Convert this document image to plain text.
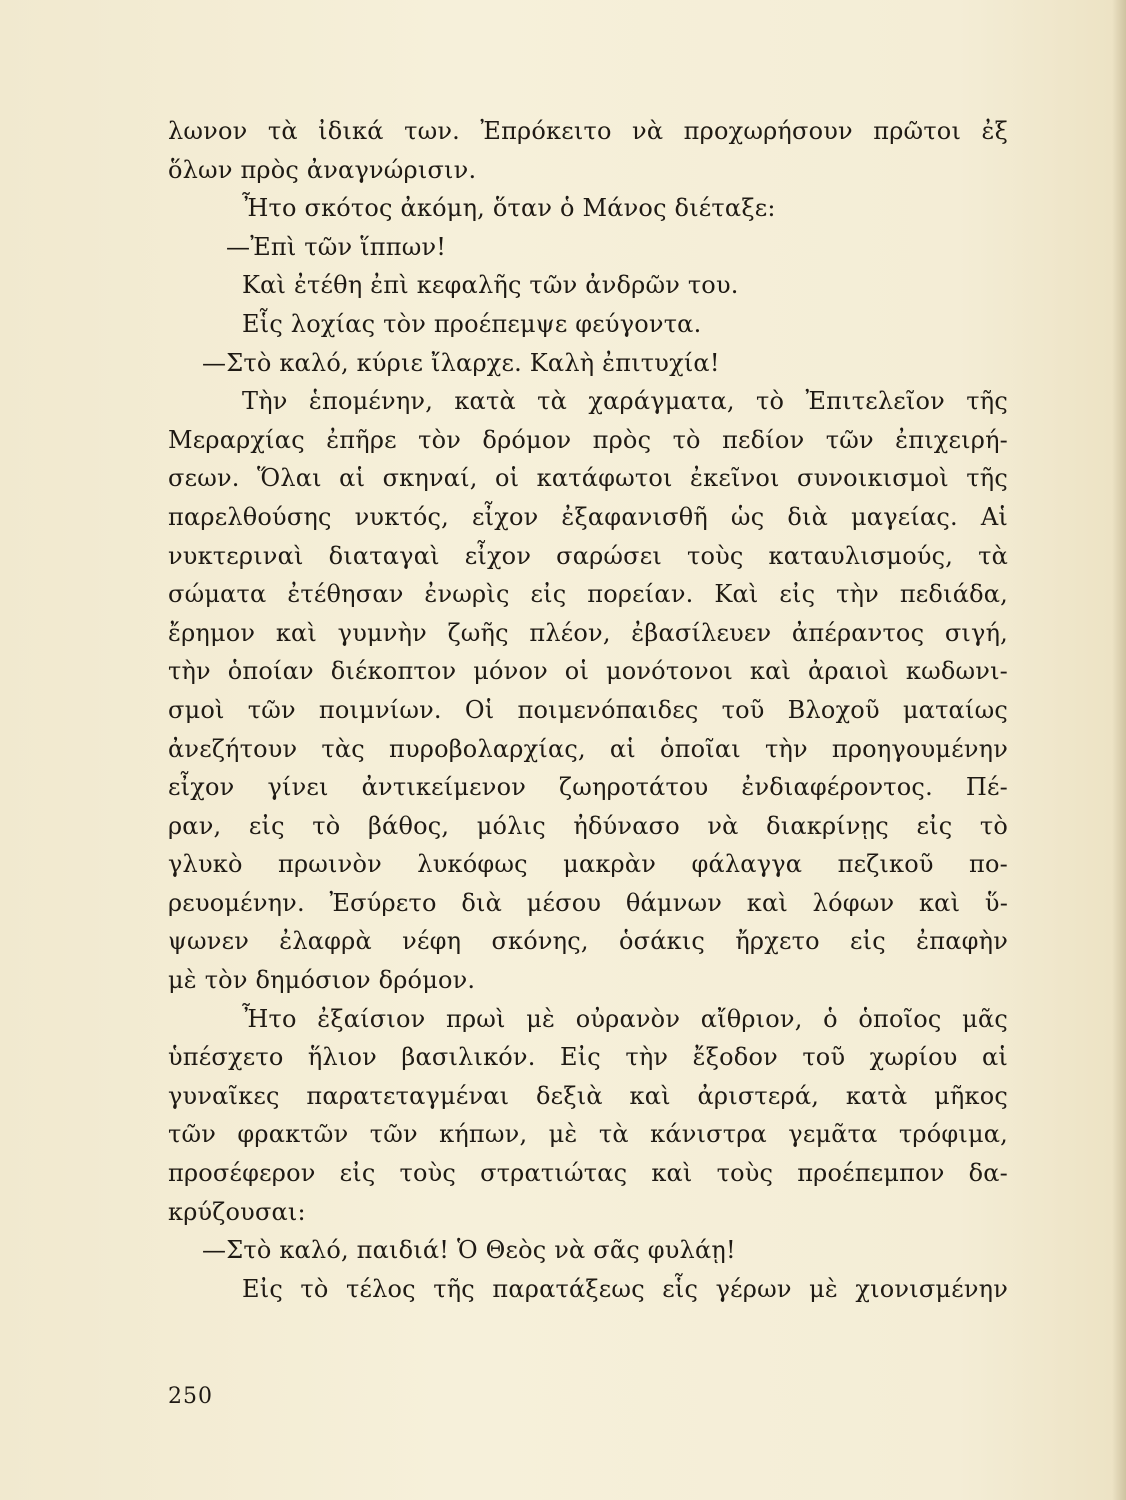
λωνον τὰ ἰδικά των. Ἐπρόκειτο νὰ προχωρήσουν πρῶτοι ἐξ
ὅλων πρὸς ἀναγνώρισιν.
Ἦτο σκότος ἀκόμη, ὅταν ὁ Μάνος διέταξε:
—Ἐπὶ τῶν ἵππων!
Καὶ ἐτέθη ἐπὶ κεφαλῆς τῶν ἀνδρῶν του.
Εἷς λοχίας τὸν προέπεμψε φεύγοντα.
—Στὸ καλό, κύριε ἴλαρχε. Καλὴ ἐπιτυχία!
Τὴν ἑπομένην, κατὰ τὰ χαράγματα, τὸ Ἐπιτελεῖον τῆς
Μεραρχίας ἐπῆρε τὸν δρόμον πρὸς τὸ πεδίον τῶν ἐπιχειρή-
σεων. Ὅλαι αἱ σκηναί, οἱ κατάφωτοι ἐκεῖνοι συνοικισμοὶ τῆς
παρελθούσης νυκτός, εἶχον ἐξαφανισθῆ ὡς διὰ μαγείας. Αἱ
νυκτεριναὶ διαταγαὶ εἶχον σαρώσει τοὺς καταυλισμούς, τὰ
σώματα ἐτέθησαν ἐνωρὶς εἰς πορείαν. Καὶ εἰς τὴν πεδιάδα,
ἔρημον καὶ γυμνὴν ζωῆς πλέον, ἐβασίλευεν ἀπέραντος σιγή,
τὴν ὁποίαν διέκοπτον μόνον οἱ μονότονοι καὶ ἀραιοὶ κωδωνι-
σμοὶ τῶν ποιμνίων. Οἱ ποιμενόπαιδες τοῦ Βλοχοῦ ματαίως
ἀνεζήτουν τὰς πυροβολαρχίας, αἱ ὁποῖαι τὴν προηγουμένην
εἶχον γίνει ἀντικείμενον ζωηροτάτου ἐνδιαφέροντος. Πέ-
ραν, εἰς τὸ βάθος, μόλις ἠδύνασο νὰ διακρίνῃς εἰς τὸ
γλυκὸ πρωινὸν λυκόφως μακρὰν φάλαγγα πεζικοῦ πο-
ρευομένην. Ἐσύρετο διὰ μέσου θάμνων καὶ λόφων καὶ ὕ-
ψωνεν ἐλαφρὰ νέφη σκόνης, ὁσάκις ἤρχετο εἰς ἐπαφὴν
μὲ τὸν δημόσιον δρόμον.
Ἦτο ἐξαίσιον πρωὶ μὲ οὐρανὸν αἴθριον, ὁ ὁποῖος μᾶς
ὑπέσχετο ἥλιον βασιλικόν. Εἰς τὴν ἔξοδον τοῦ χωρίου αἱ
γυναῖκες παρατεταγμέναι δεξιὰ καὶ ἀριστερά, κατὰ μῆκος
τῶν φρακτῶν τῶν κήπων, μὲ τὰ κάνιστρα γεμᾶτα τρόφιμα,
προσέφερον εἰς τοὺς στρατιώτας καὶ τοὺς προέπεμπον δα-
κρύζουσαι:
—Στὸ καλό, παιδιά! Ὁ Θεὸς νὰ σᾶς φυλάῃ!
Εἰς τὸ τέλος τῆς παρατάξεως εἷς γέρων μὲ χιονισμένην
250
